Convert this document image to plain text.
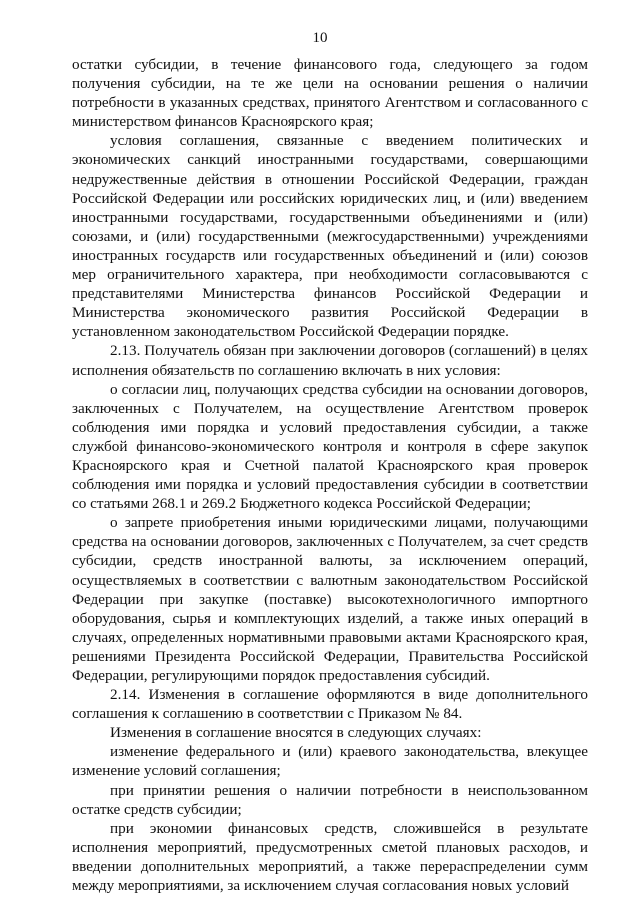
10

остатки субсидии, в течение финансового года, следующего за годом получения субсидии, на те же цели на основании решения о наличии потребности в указанных средствах, принятого Агентством и согласованного с министерством финансов Красноярского края;

условия соглашения, связанные с введением политических и экономических санкций иностранными государствами, совершающими недружественные действия в отношении Российской Федерации, граждан Российской Федерации или российских юридических лиц, и (или) введением иностранными государствами, государственными объединениями и (или) союзами, и (или) государственными (межгосударственными) учреждениями иностранных государств или государственных объединений и (или) союзов мер ограничительного характера, при необходимости согласовываются с представителями Министерства финансов Российской Федерации и Министерства экономического развития Российской Федерации в установленном законодательством Российской Федерации порядке.

2.13. Получатель обязан при заключении договоров (соглашений) в целях исполнения обязательств по соглашению включать в них условия:

о согласии лиц, получающих средства субсидии на основании договоров, заключенных с Получателем, на осуществление Агентством проверок соблюдения ими порядка и условий предоставления субсидии, а также службой финансово-экономического контроля и контроля в сфере закупок Красноярского края и Счетной палатой Красноярского края проверок соблюдения ими порядка и условий предоставления субсидии в соответствии со статьями 268.1 и 269.2 Бюджетного кодекса Российской Федерации;

о запрете приобретения иными юридическими лицами, получающими средства на основании договоров, заключенных с Получателем, за счет средств субсидии, средств иностранной валюты, за исключением операций, осуществляемых в соответствии с валютным законодательством Российской Федерации при закупке (поставке) высокотехнологичного импортного оборудования, сырья и комплектующих изделий, а также иных операций в случаях, определенных нормативными правовыми актами Красноярского края, решениями Президента Российской Федерации, Правительства Российской Федерации, регулирующими порядок предоставления субсидий.

2.14. Изменения в соглашение оформляются в виде дополнительного соглашения к соглашению в соответствии с Приказом № 84.

Изменения в соглашение вносятся в следующих случаях:

изменение федерального и (или) краевого законодательства, влекущее изменение условий соглашения;

при принятии решения о наличии потребности в неиспользованном остатке средств субсидии;

при экономии финансовых средств, сложившейся в результате исполнения мероприятий, предусмотренных сметой плановых расходов, и введении дополнительных мероприятий, а также перераспределении сумм между мероприятиями, за исключением случая согласования новых условий
